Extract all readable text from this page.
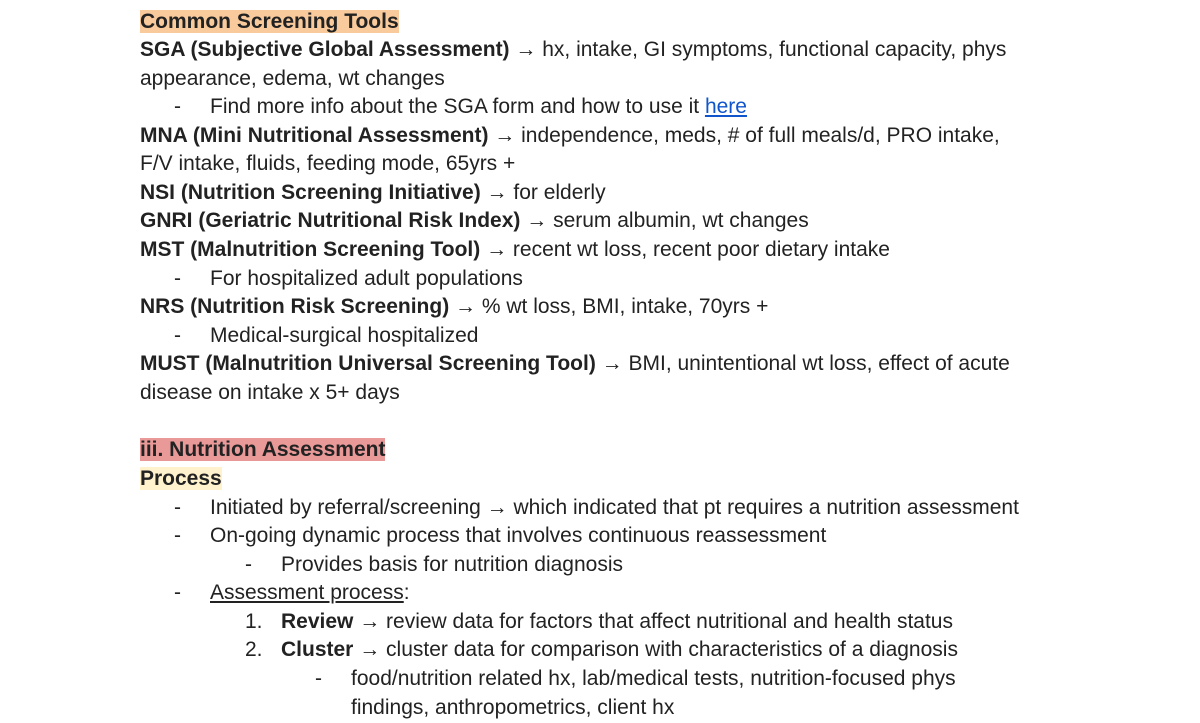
Common Screening Tools
SGA (Subjective Global Assessment) → hx, intake, GI symptoms, functional capacity, phys
appearance, edema, wt changes
- Find more info about the SGA form and how to use it here
MNA (Mini Nutritional Assessment) → independence, meds, # of full meals/d, PRO intake,
F/V intake, fluids, feeding mode, 65yrs +
NSI (Nutrition Screening Initiative) → for elderly
GNRI (Geriatric Nutritional Risk Index) → serum albumin, wt changes
MST (Malnutrition Screening Tool) → recent wt loss, recent poor dietary intake
- For hospitalized adult populations
NRS (Nutrition Risk Screening) → % wt loss, BMI, intake, 70yrs +
- Medical-surgical hospitalized
MUST (Malnutrition Universal Screening Tool) → BMI, unintentional wt loss, effect of acute
disease on intake x 5+ days
iii. Nutrition Assessment
Process
- Initiated by referral/screening → which indicated that pt requires a nutrition assessment
- On-going dynamic process that involves continuous reassessment
- Provides basis for nutrition diagnosis
- Assessment process:
1. Review → review data for factors that affect nutritional and health status
2. Cluster → cluster data for comparison with characteristics of a diagnosis
- food/nutrition related hx, lab/medical tests, nutrition-focused phys
findings, anthropometrics, client hx
